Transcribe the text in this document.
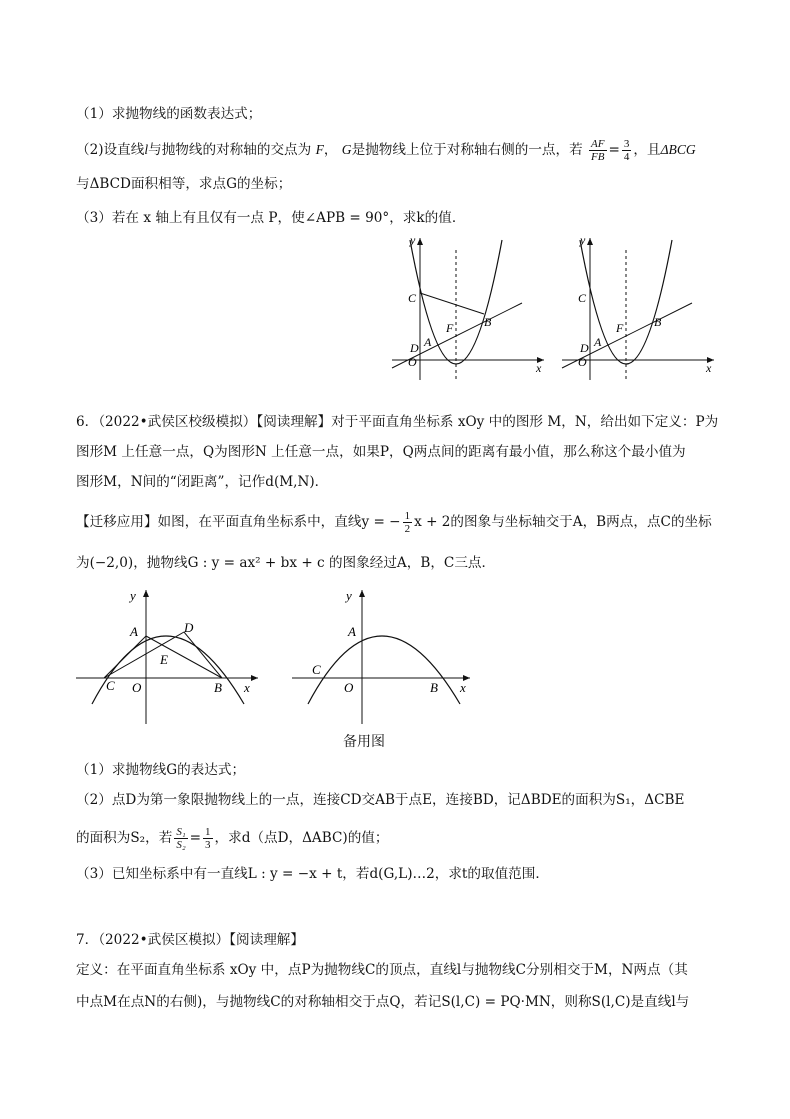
（1）求抛物线的函数表达式；
（2)设直线l与抛物线的对称轴的交点为 F， G是抛物线上位于对称轴右侧的一点，若 $\frac{AF}{FB} = \frac{3}{4}$ ，且ΔBCG
与ΔBCD面积相等，求点G的坐标；
（3）若在 x 轴上有且仅有一点 P，使∠APB = 90°，求k的值．
O	x
y
C
D A
F	B
O	x
y
C
D A
F	B
6．（2022•武侯区校级模拟）【阅读理解】对于平面直角坐标系 xOy 中的图形 M，N，给出如下定义：P为
图形M 上任意一点，Q为图形N 上任意一点，如果P，Q两点间的距离有最小值，那么称这个最小值为
图形M，N间的“闭距离”，记作d(M,N)．
【迁移应用】如图，在平面直角坐标系中，直线y = − $\frac{1}{2}$ x + 2的图象与坐标轴交于A，B两点，点C的坐标
为(−2,0)，抛物线G : y = ax² + bx + c 的图象经过A，B，C三点．
C O	B x
y
A	D
E
C
O	B x
y
A
备用图
（1）求抛物线G的表达式；
（2）点D为第一象限抛物线上的一点，连接CD交AB于点E，连接BD，记ΔBDE的面积为S₁，ΔCBE
的面积为S₂，若 $\frac{\text{S₁}}{\text{S₂}} = \frac{1}{3}$ ，求d（点D，ΔABC)的值；
（3）已知坐标系中有一直线L : y = −x + t，若d(G,L)…2，求t的取值范围．
7．（2022•武侯区模拟）【阅读理解】
定义：在平面直角坐标系 xOy 中，点P为抛物线C的顶点，直线l与抛物线C分别相交于M，N两点（其
中点M在点N的右侧)，与抛物线C的对称轴相交于点Q，若记S(l,C) = PQ·MN，则称S(l,C)是直线l与
